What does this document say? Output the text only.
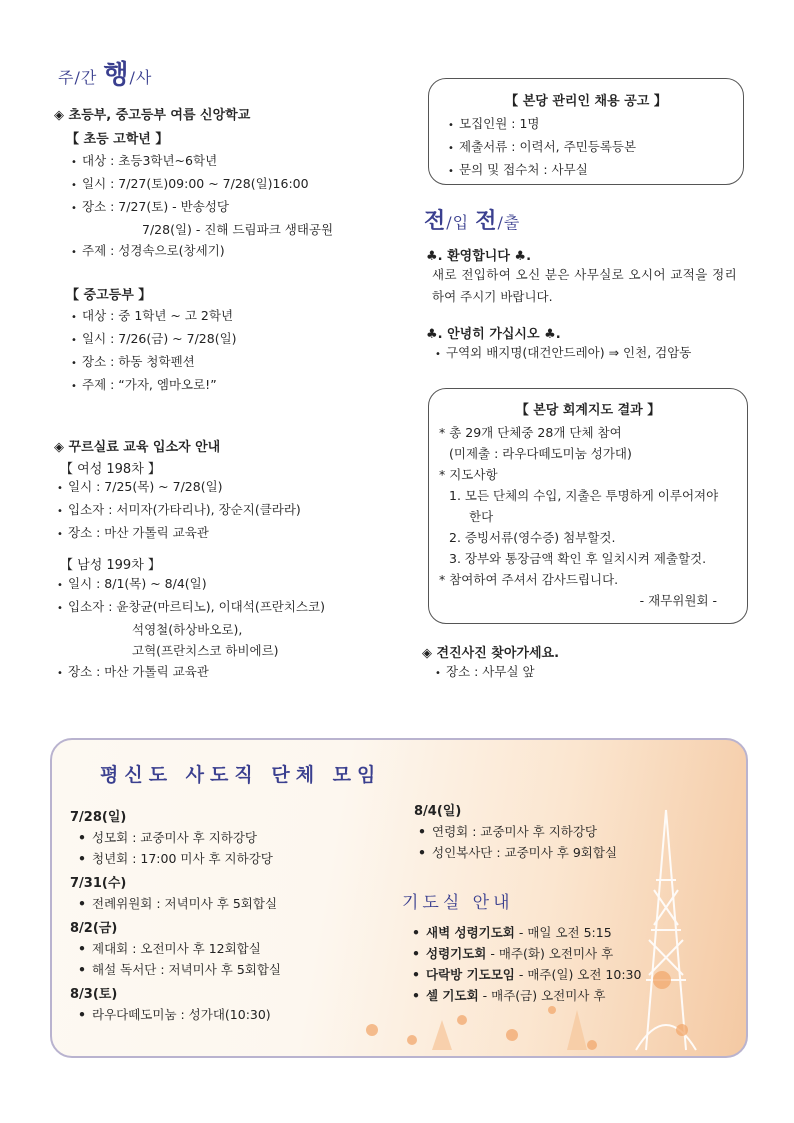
주/간 행/사
◈ 초등부, 중고등부 여름 신앙학교
【 초등 고학년 】
• 대상 : 초등3학년~6학년
• 일시 : 7/27(토)09:00 ~ 7/28(일)16:00
• 장소 : 7/27(토) - 반송성당
7/28(일) - 진해 드림파크 생태공원
• 주제 : 성경속으로(창세기)
【 중고등부 】
• 대상 : 중 1학년 ~ 고 2학년
• 일시 : 7/26(금) ~ 7/28(일)
• 장소 : 하동 청학펜션
• 주제 : “가자, 엠마오로!”
◈ 꾸르실료 교육 입소자 안내
【 여성 198차 】
• 일시 : 7/25(목) ~ 7/28(일)
• 입소자 : 서미자(가타리나), 장순지(클라라)
• 장소 : 마산 가톨릭 교육관
【 남성 199차 】
• 일시 : 8/1(목) ~ 8/4(일)
• 입소자 : 윤창균(마르티노), 이대석(프란치스코)
석영철(하상바오로),
고혁(프란치스코 하비에르)
• 장소 : 마산 가톨릭 교육관
【 본당 관리인 채용 공고 】
• 모집인원 : 1명
• 제출서류 : 이력서, 주민등록등본
• 문의 및 접수처 : 사무실
전/입 전/출
♣. 환영합니다 ♣.
새로 전입하여 오신 분은 사무실로 오시어 교적을 정리
하여 주시기 바랍니다.
♣. 안녕히 가십시오 ♣.
• 구역외 배지명(대건안드레아) ⇒ 인천, 검암동
【 본당 회계지도 결과 】
* 총 29개 단체중 28개 단체 참여
(미제출 : 라우다떼도미눔 성가대)
* 지도사항
1. 모든 단체의 수입, 지출은 투명하게 이루어져야
한다
2. 증빙서류(영수증) 첨부할것.
3. 장부와 통장금액 확인 후 일치시켜 제출할것.
* 참여하여 주셔서 감사드립니다.
- 재무위원회 -
◈ 견진사진 찾아가세요.
• 장소 : 사무실 앞
평신도 사도직 단체 모임
7/28(일)
• 성모회 : 교중미사 후 지하강당
• 청년회 : 17:00 미사 후 지하강당
7/31(수)
• 전례위원회 : 저녁미사 후 5회합실
8/2(금)
• 제대회 : 오전미사 후 12회합실
• 해설 독서단 : 저녁미사 후 5회합실
8/3(토)
• 라우다떼도미눔 : 성가대(10:30)
8/4(일)
• 연령회 : 교중미사 후 지하강당
• 성인복사단 : 교중미사 후 9회합실
기도실 안내
• 새벽 성령기도회 - 매일 오전 5:15
• 성령기도회 - 매주(화) 오전미사 후
• 다락방 기도모임 - 매주(일) 오전 10:30
• 셀 기도회 - 매주(금) 오전미사 후
